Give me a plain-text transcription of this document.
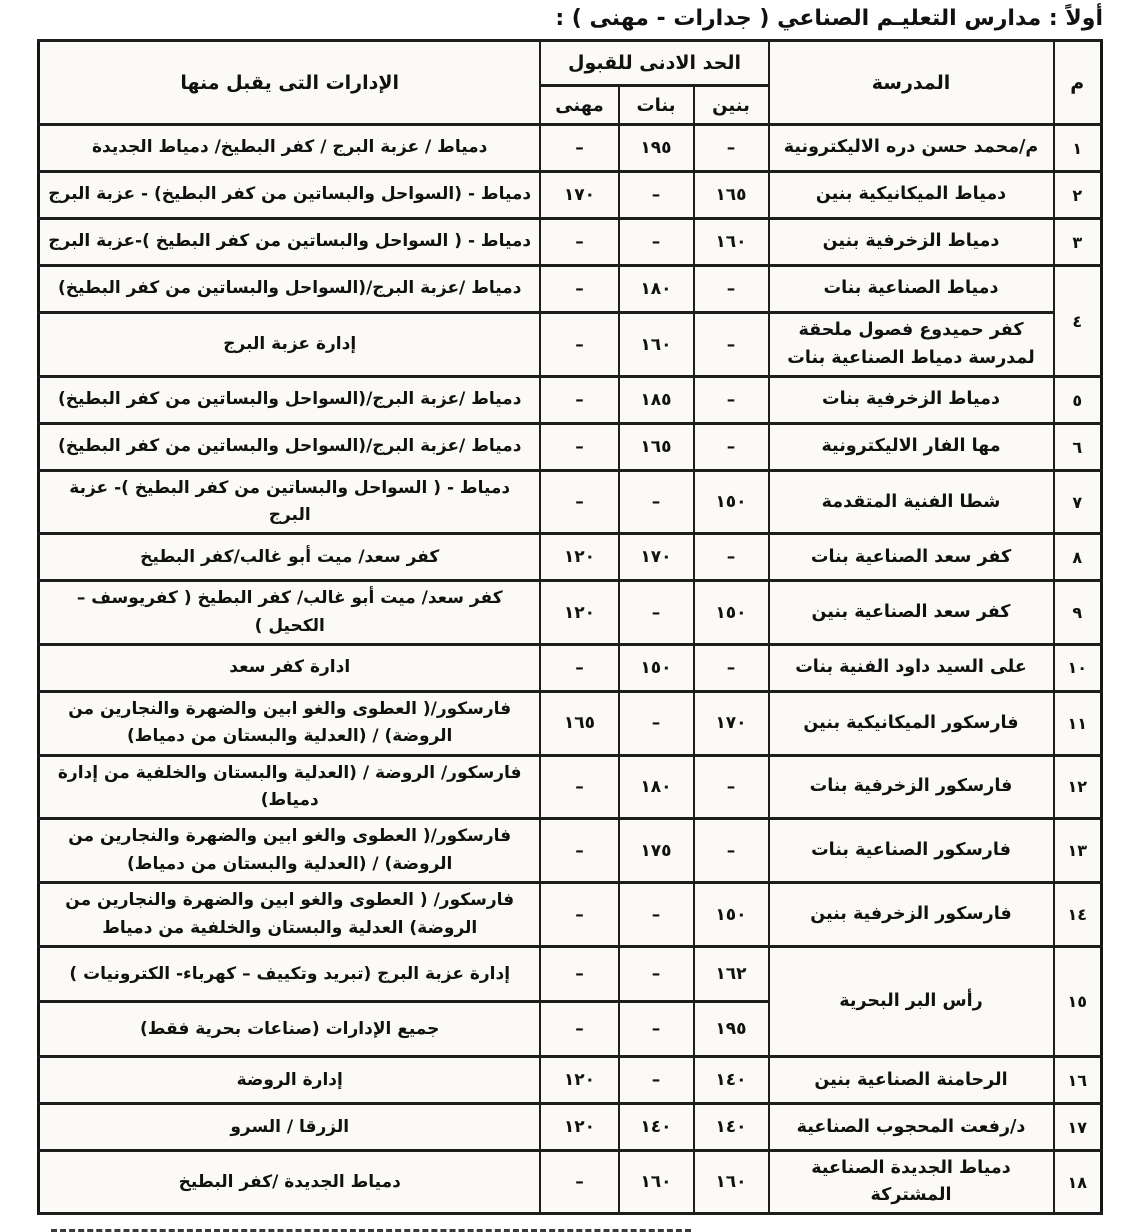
أولاً : مدارس التعليـم الصناعي ( جدارات - مهنى ) :
م	المدرسة	الحد الادنى للقبول			الإدارات التى يقبل منها
		بنين	بنات	مهنى	
١	م/محمد حسن دره الاليكترونية	–	١٩٥	–	دمياط / عزبة البرج / كفر البطيخ/ دمياط الجديدة
٢	دمياط الميكانيكية بنين	١٦٥	–	١٧٠	دمياط - (السواحل والبساتين من كفر البطيخ) - عزبة البرج
٣	دمياط الزخرفية بنين	١٦٠	–	–	دمياط - ( السواحل والبساتين من كفر البطيخ )-عزبة البرج
٤	دمياط الصناعية بنات	–	١٨٠	–	دمياط /عزبة البرج/(السواحل والبساتين من كفر البطيخ)
	كفر حميدوع فصول ملحقة لمدرسة دمياط الصناعية بنات	–	١٦٠	–	إدارة عزبة البرج
٥	دمياط الزخرفية بنات	–	١٨٥	–	دمياط /عزبة البرج/(السواحل والبساتين من كفر البطيخ)
٦	مها الفار الاليكترونية	–	١٦٥	–	دمياط /عزبة البرج/(السواحل والبساتين من كفر البطيخ)
٧	شطا الفنية المتقدمة	١٥٠	–	–	دمياط - ( السواحل والبساتين من كفر البطيخ )- عزبة البرج
٨	كفر سعد الصناعية بنات	–	١٧٠	١٢٠	كفر سعد/ ميت أبو غالب/كفر البطيخ
٩	كفر سعد الصناعية بنين	١٥٠	–	١٢٠	كفر سعد/ ميت أبو غالب/ كفر البطيخ ( كفريوسف – الكحيل )
١٠	على السيد داود الفنية بنات	–	١٥٠	–	ادارة كفر سعد
١١	فارسكور الميكانيكية بنين	١٧٠	–	١٦٥	فارسكور/( العطوى والغو ابين والضهرة والنجارين من الروضة) / (العدلية والبستان من دمياط)
١٢	فارسكور الزخرفية بنات	–	١٨٠	–	فارسكور/ الروضة / (العدلية والبستان والخلفية من إدارة دمياط)
١٣	فارسكور الصناعية بنات	–	١٧٥	–	فارسكور/( العطوى والغو ابين والضهرة والنجارين من الروضة) / (العدلية والبستان من دمياط)
١٤	فارسكور الزخرفية بنين	١٥٠	–	–	فارسكور/ ( العطوى والغو ابين والضهرة والنجارين من الروضة) العدلية والبستان والخلفية من دمياط
١٥	رأس البر البحرية	١٦٢	–	–	إدارة عزبة البرج (تبريد وتكييف – كهرباء- الكترونيات )
		١٩٥	–	–	جميع الإدارات (صناعات بحرية فقط)
١٦	الرحامنة الصناعية بنين	١٤٠	–	١٢٠	إدارة الروضة
١٧	د/رفعت المحجوب الصناعية	١٤٠	١٤٠	١٢٠	الزرقا / السرو
١٨	دمياط الجديدة الصناعية المشتركة	١٦٠	١٦٠	–	دمياط الجديدة /كفر البطيخ
